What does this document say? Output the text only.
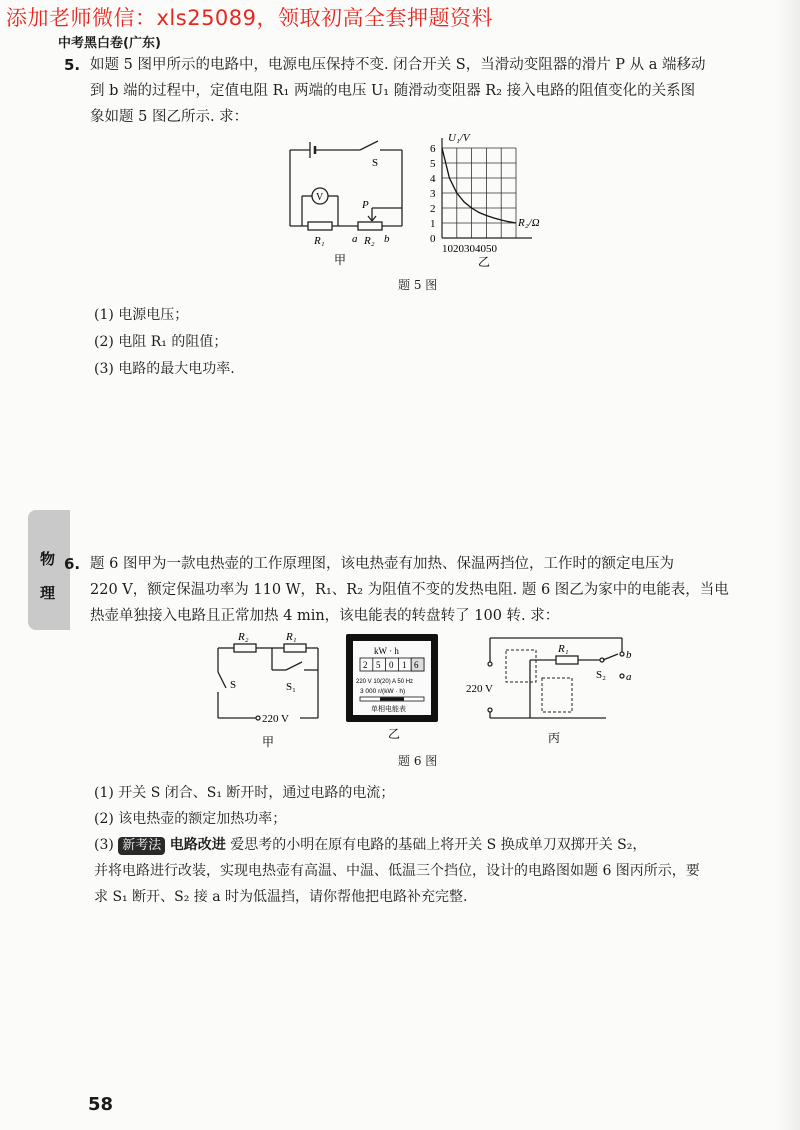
添加老师微信：xls25089，领取初高全套押题资料
中考黑白卷(广东)
5. 如题 5 图甲所示的电路中，电源电压保持不变. 闭合开关 S，当滑动变阻器的滑片 P 从 a 端移动
到 b 端的过程中，定值电阻 R₁ 两端的电压 U₁ 随滑动变阻器 R₂ 接入电路的阻值变化的关系图
象如题 5 图乙所示. 求：
S
V
P
R₁ a R₂ b
甲
0
1
2
3
4
5
6
U₁/V
R₂/Ω
1020304050
乙
题 5 图
(1) 电源电压；
(2) 电阻 R₁ 的阻值；
(3) 电路的最大电功率.
物
理
6. 题 6 图甲为一款电热壶的工作原理图，该电热壶有加热、保温两挡位，工作时的额定电压为
220 V，额定保温功率为 110 W，R₁、R₂ 为阻值不变的发热电阻. 题 6 图乙为家中的电能表，当电
热壶单独接入电路且正常加热 4 min，该电能表的转盘转了 100 转. 求：
R₂	R₁
S	S₁
220 V
甲
kW · h
2 5 0 1 6
220 V 10(20) A 50 Hz
3 000 r/(kW · h)
单相电能表
乙
R₁	b
a
S₂
220 V
丙
题 6 图
(1) 开关 S 闭合、S₁ 断开时，通过电路的电流；
(2) 该电热壶的额定加热功率；
(3) 新考法 电路改进 爱思考的小明在原有电路的基础上将开关 S 换成单刀双掷开关 S₂，
并将电路进行改装，实现电热壶有高温、中温、低温三个挡位，设计的电路图如题 6 图丙所示，要
求 S₁ 断开、S₂ 接 a 时为低温挡，请你帮他把电路补充完整.
58
